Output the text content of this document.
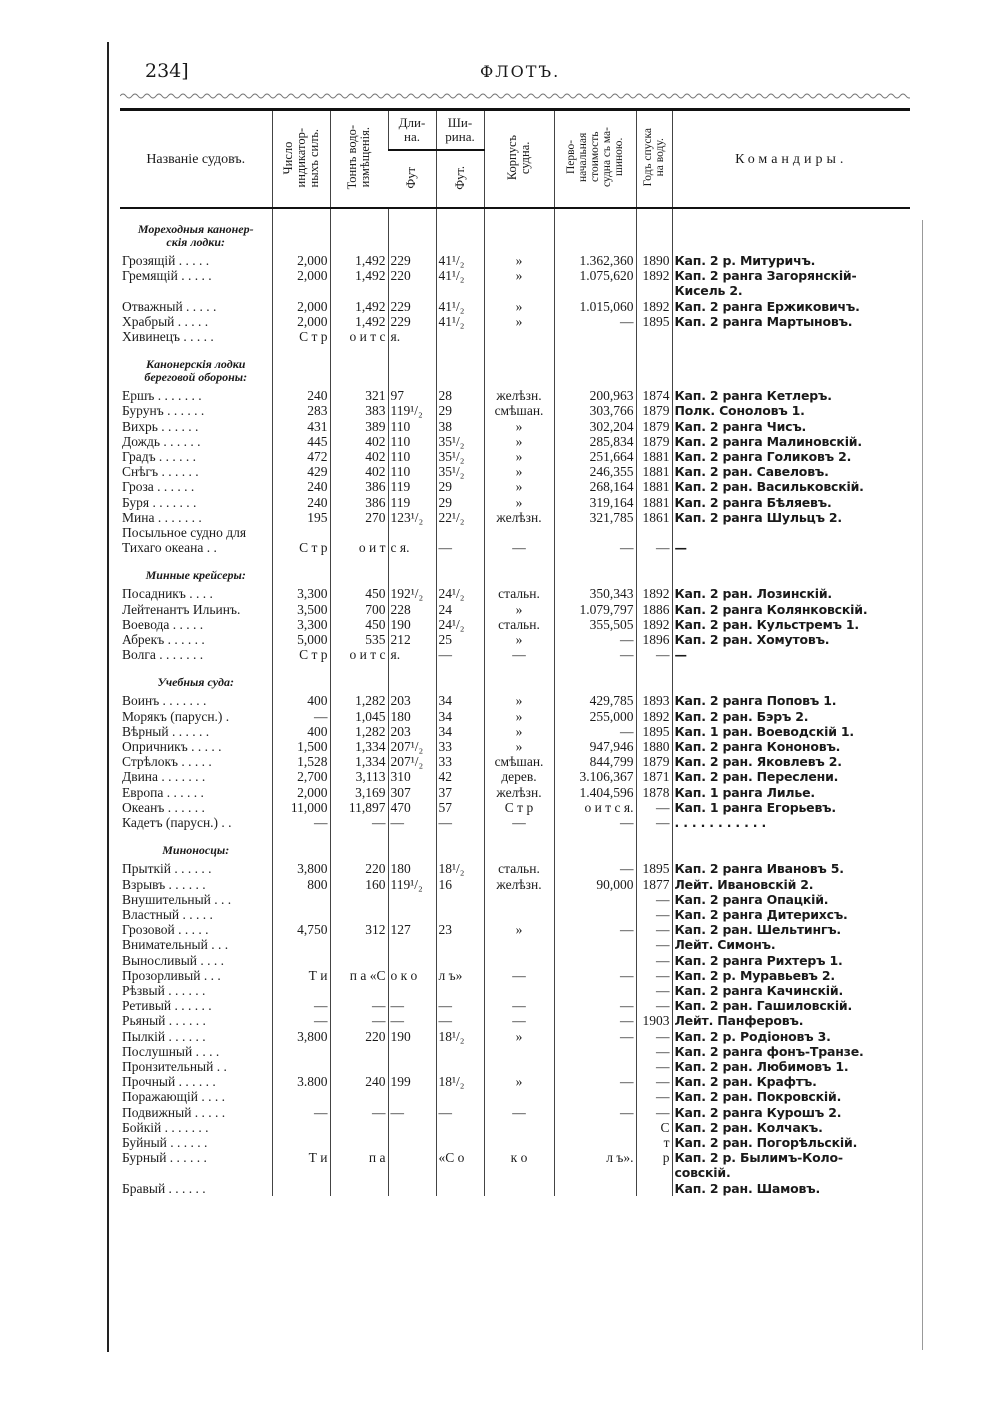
234]	ФЛОТЪ.
Названіе судовъ.	Число
индикатор-
ныхъ силъ.	Тоннъ водо-
измѣщенія.	Дли-
на.	Ши-
рина.	Корпусъ
судна.	Перво-
начальная
стоимость
судна съ ма-
шиною.	Годъ спуска
на воду.	Командиры.
			Фут	Фут.				
Мореходныя канонер-
скія лодки:								
Грозящій . . . . .	2,000	1,492	229	41¹/₂	»	1.362,360	1890	Кап. 2 р. Митуричъ.
Гремящій . . . . .	2,000	1,492	220	41¹/₂	»	1.075,620	1892	Кап. 2 ранга Загорянскій-
Кисель 2.
Отважный . . . . .	2,000	1,492	229	41¹/₂	»	1.015,060	1892	Кап. 2 ранга Ержиковичъ.
Храбрый . . . . .	2,000	1,492	229	41¹/₂	»	—	1895	Кап. 2 ранга Мартыновъ.
Хивинецъ . . . . .	С т р	о и т с	я.					
Канонерскія лодки
береговой обороны:								
Ершъ . . . . . . .	240	321	97	28	желѣзн.	200,963	1874	Кап. 2 ранга Кетлеръ.
Бурунъ . . . . . .	283	383	119¹/₂	29	смѣшан.	303,766	1879	Полк. Соноловъ 1.
Вихрь . . . . . .	431	389	110	38	»	302,204	1879	Кап. 2 ранга Чисъ.
Дождь . . . . . .	445	402	110	35¹/₂	»	285,834	1879	Кап. 2 ранга Малиновскій.
Градъ . . . . . .	472	402	110	35¹/₂	»	251,664	1881	Кап. 2 ранга Голиковъ 2.
Снѣгъ . . . . . .	429	402	110	35¹/₂	»	246,355	1881	Кап. 2 ран. Савеловъ.
Гроза . . . . . .	240	386	119	29	»	268,164	1881	Кап. 2 ран. Васильковскій.
Буря . . . . . . .	240	386	119	29	»	319,164	1881	Кап. 2 ранга Бѣляевъ.
Мина . . . . . . .	195	270	123¹/₂	22¹/₂	желѣзн.	321,785	1861	Кап. 2 ранга Шульцъ 2.
Посыльное судно для								
Тихаго океана . .	С т р	о и т	с я.	—	—	—	—	—
Минные крейсеры:								
Посадникъ . . . .	3,300	450	192¹/₂	24¹/₂	стальн.	350,343	1892	Кап. 2 ран. Лозинскій.
Лейтенантъ Ильинъ.	3,500	700	228	24	»	1.079,797	1886	Кап. 2 ранга Колянковскій.
Воевода . . . . .	3,300	450	190	24¹/₂	стальн.	355,505	1892	Кап. 2 ран. Кульстремъ 1.
Абрекъ . . . . . .	5,000	535	212	25	»	—	1896	Кап. 2 ран. Хомутовъ.
Волга . . . . . . .	С т р	о и т с	я.	—	—	—	—	—
Учебныя суда:								
Воинъ . . . . . . .	400	1,282	203	34	»	429,785	1893	Кап. 2 ранга Поповъ 1.
Морякъ (парусн.) .	—	1,045	180	34	»	255,000	1892	Кап. 2 ран. Бэръ 2.
Вѣрный . . . . . .	400	1,282	203	34	»	—	1895	Кап. 1 ран. Воеводскій 1.
Опричникъ . . . . .	1,500	1,334	207¹/₂	33	»	947,946	1880	Кап. 2 ранга Кононовъ.
Стрѣлокъ . . . . .	1,528	1,334	207¹/₂	33	смѣшан.	844,799	1879	Кап. 2 ран. Яковлевъ 2.
Двина . . . . . . .	2,700	3,113	310	42	дерев.	3.106,367	1871	Кап. 2 ран. Переслени.
Европа . . . . . .	2,000	3,169	307	37	желѣзн.	1.404,596	1878	Кап. 1 ранга Лилье.
Океанъ . . . . . .	11,000	11,897	470	57	С т р	о и т с я.	—	Кап. 1 ранга Егорьевъ.
Кадетъ (парусн.) . .	—	—	—	—	—	—	—	. . . . . . . . . . .
Миноносцы:								
Прыткій . . . . . .	3,800	220	180	18¹/₂	стальн.	—	1895	Кап. 2 ранга Ивановъ 5.
Взрывъ . . . . . .	800	160	119¹/₂	16	желѣзн.	90,000	1877	Лейт. Ивановскій 2.
Внушительный . . .							—	Кап. 2 ранга Опацкій.
Властный . . . . .							—	Кап. 2 ранга Дитерихсъ.
Грозовой . . . . .	4,750	312	127	23	»	—	—	Кап. 2 ран. Шельтингъ.
Внимательный . . .							—	Лейт. Симонъ.
Выносливый . . . .							—	Кап. 2 ранга Рихтеръ 1.
Прозорливый . . .	Т и	п а «С	о к о	л ъ»	—	—	—	Кап. 2 р. Муравьевъ 2.
Рѣзвый . . . . . .							—	Кап. 2 ранга Качинскій.
Ретивый . . . . . .	—	—	—	—	—	—	—	Кап. 2 ран. Гашиловскій.
Рьяный . . . . . .	—	—	—	—	—	—	1903	Лейт. Панферовъ.
Пылкій . . . . . .	3,800	220	190	18¹/₂	»	—	—	Кап. 2 р. Родіоновъ 3.
Послушный . . . .							—	Кап. 2 ранга фонъ-Транзе.
Пронзительный . .							—	Кап. 2 ран. Любимовъ 1.
Прочный . . . . . .	3.800	240	199	18¹/₂	»	—	—	Кап. 2 ран. Крафтъ.
Поражающій . . . .							—	Кап. 2 ран. Покровскій.
Подвижный . . . . .	—	—	—	—	—	—	—	Кап. 2 ранга Курошъ 2.
Бойкій . . . . . . .							С	Кап. 2 ран. Колчакъ.
Буйный . . . . . .							т	Кап. 2 ран. Погорѣльскій.
Бурный . . . . . .	Т и	п а		«С о	к о	л ъ».	р	Кап. 2 р. Былимъ-Коло-
совскій.
Бравый . . . . . .								Кап. 2 ран. Шамовъ.
